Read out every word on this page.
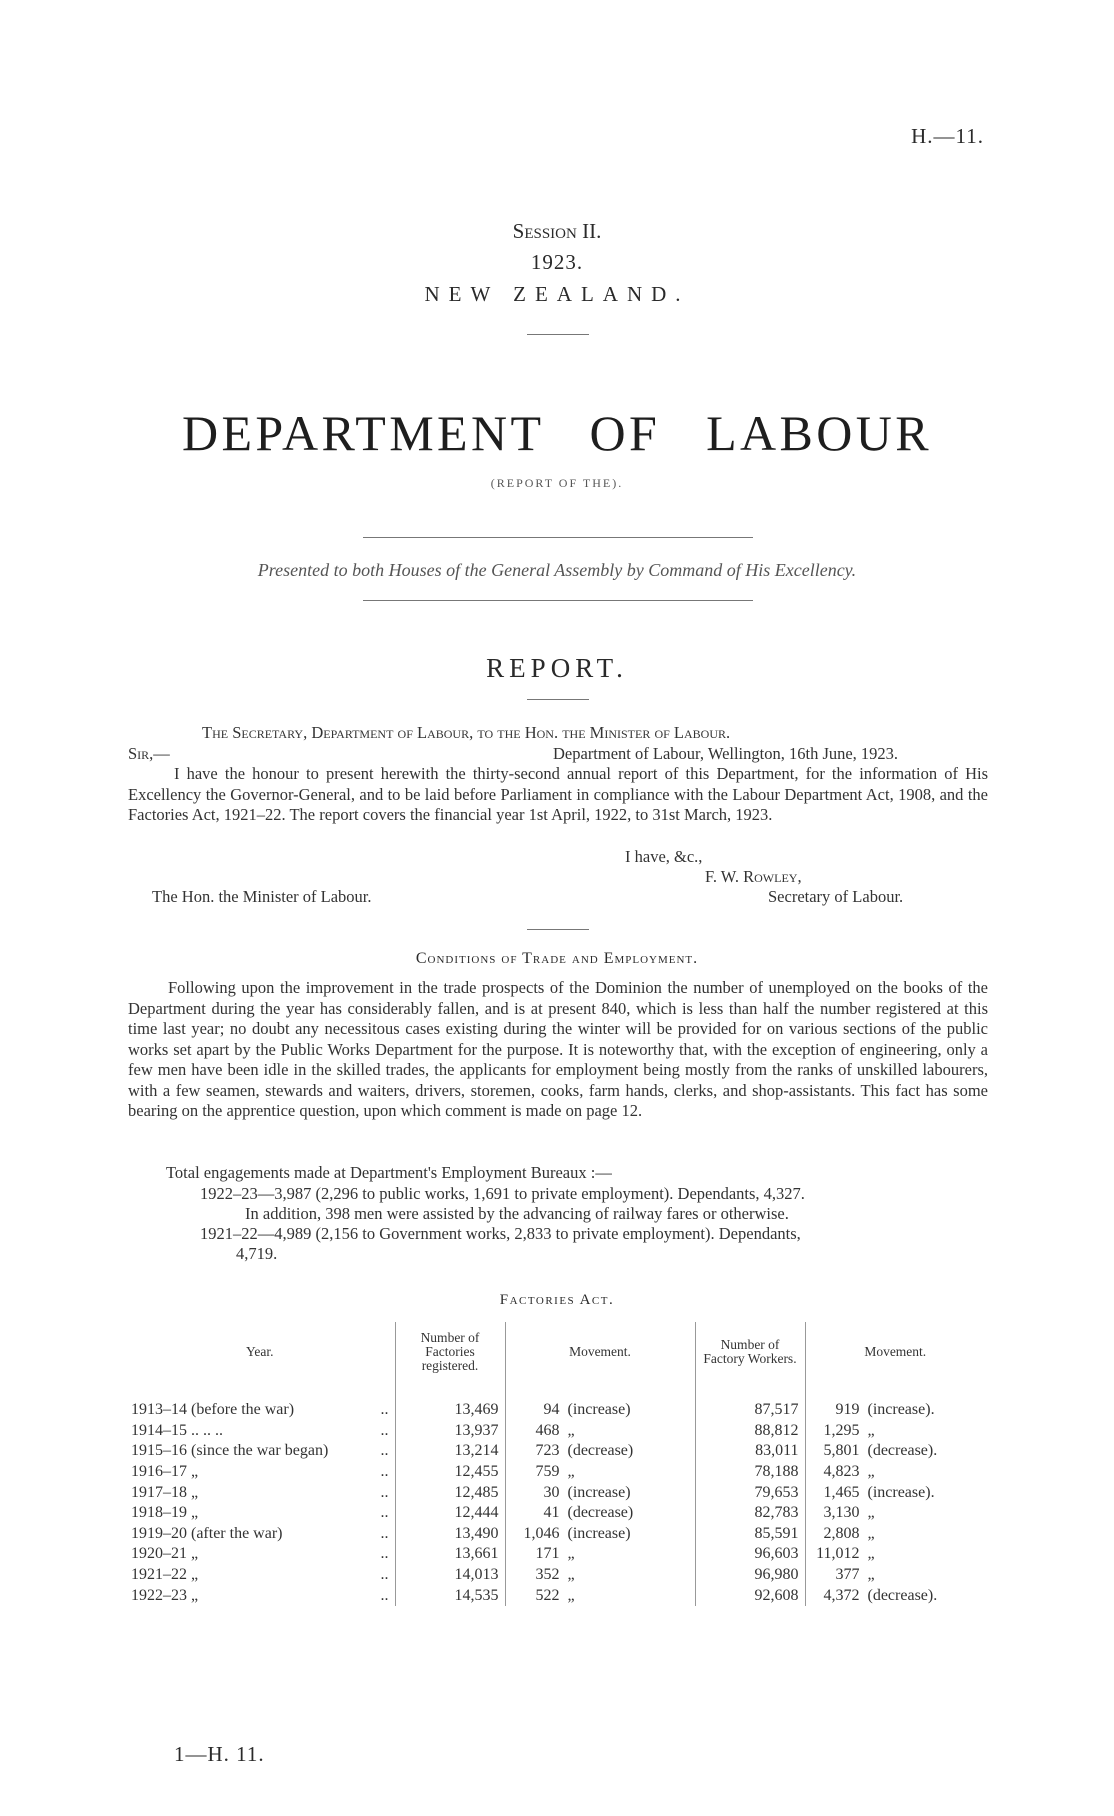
H.—11.
Session II.
1923.
NEW ZEALAND.
DEPARTMENT OF LABOUR
(REPORT OF THE).
Presented to both Houses of the General Assembly by Command of His Excellency.
REPORT.
The Secretary, Department of Labour, to the Hon. the Minister of Labour.
Sir,—	Department of Labour, Wellington, 16th June, 1923.
I have the honour to present herewith the thirty-second annual report of this Department, for the information of His Excellency the Governor-General, and to be laid before Parliament in compliance with the Labour Department Act, 1908, and the Factories Act, 1921–22. The report covers the financial year 1st April, 1922, to 31st March, 1923.
I have, &c.,
F. W. Rowley,
The Hon. the Minister of Labour.	Secretary of Labour.
Conditions of Trade and Employment.
Following upon the improvement in the trade prospects of the Dominion the number of unemployed on the books of the Department during the year has considerably fallen, and is at present 840, which is less than half the number registered at this time last year; no doubt any necessitous cases existing during the winter will be provided for on various sections of the public works set apart by the Public Works Department for the purpose. It is noteworthy that, with the exception of engineering, only a few men have been idle in the skilled trades, the applicants for employment being mostly from the ranks of unskilled labourers, with a few seamen, stewards and waiters, drivers, storemen, cooks, farm hands, clerks, and shop-assistants. This fact has some bearing on the apprentice question, upon which comment is made on page 12.
Total engagements made at Department's Employment Bureaux :—
1922–23—3,987 (2,296 to public works, 1,691 to private employment). Dependants, 4,327.
In addition, 398 men were assisted by the advancing of railway fares or otherwise.
1921–22—4,989 (2,156 to Government works, 2,833 to private employment). Dependants,
4,719.
Factories Act.
Year.	Number of Factories registered.	Movement.	Number of Factory Workers.	Movement.

1913–14 (before the war) ..	13,469	94 (increase)	87,517	919 (increase).
1914–15 .. .. .. ..	13,937	468 „	88,812	1,295 „
1915–16 (since the war began) ..	13,214	723 (decrease)	83,011	5,801 (decrease).
1916–17 „ ..	12,455	759 „	78,188	4,823 „
1917–18 „ ..	12,485	30 (increase)	79,653	1,465 (increase).
1918–19 „ ..	12,444	41 (decrease)	82,783	3,130 „
1919–20 (after the war) ..	13,490	1,046 (increase)	85,591	2,808 „
1920–21 „ ..	13,661	171 „	96,603	11,012 „
1921–22 „ ..	14,013	352 „	96,980	377 „
1922–23 „ ..	14,535	522 „	92,608	4,372 (decrease).
1—H. 11.
